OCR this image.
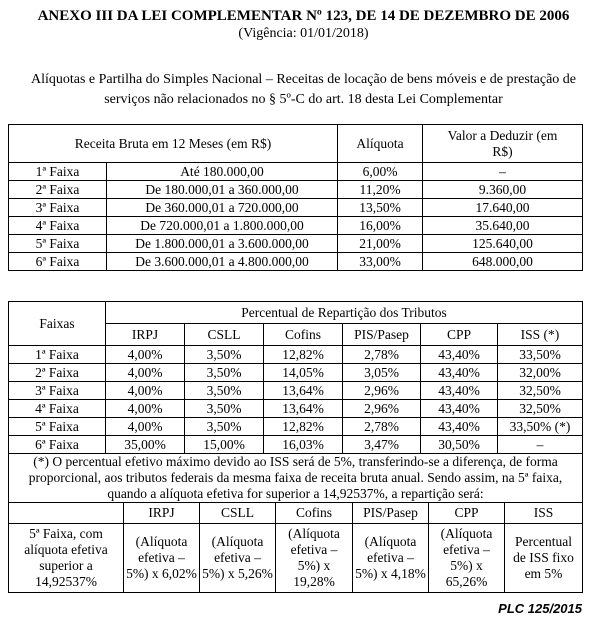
ANEXO III DA LEI COMPLEMENTAR Nº 123, DE 14 DE DEZEMBRO DE 2006
(Vigência: 01/01/2018)
Alíquotas e Partilha do Simples Nacional – Receitas de locação de bens móveis e de prestação de serviços não relacionados no § 5º-C do art. 18 desta Lei Complementar
Receita Bruta em 12 Meses (em R$)		Alíquota	Valor a Deduzir (em R$)
1ª Faixa	Até 180.000,00	6,00%	–
2ª Faixa	De 180.000,01 a 360.000,00	11,20%	9.360,00
3ª Faixa	De 360.000,01 a 720.000,00	13,50%	17.640,00
4ª Faixa	De 720.000,01 a 1.800.000,00	16,00%	35.640,00
5ª Faixa	De 1.800.000,01 a 3.600.000,00	21,00%	125.640,00
6ª Faixa	De 3.600.000,01 a 4.800.000,00	33,00%	648.000,00
Faixas	Percentual de Repartição dos Tributos					
	IRPJ	CSLL	Cofins	PIS/Pasep	CPP	ISS (*)
1ª Faixa	4,00%	3,50%	12,82%	2,78%	43,40%	33,50%
2ª Faixa	4,00%	3,50%	14,05%	3,05%	43,40%	32,00%
3ª Faixa	4,00%	3,50%	13,64%	2,96%	43,40%	32,50%
4ª Faixa	4,00%	3,50%	13,64%	2,96%	43,40%	32,50%
5ª Faixa	4,00%	3,50%	12,82%	2,78%	43,40%	33,50% (*)
6ª Faixa	35,00%	15,00%	16,03%	3,47%	30,50%	–
(*) O percentual efetivo máximo devido ao ISS será de 5%, transferindo-se a diferença, de forma proporcional, aos tributos federais da mesma faixa de receita bruta anual. Sendo assim, na 5ª faixa, quando a alíquota efetiva for superior a 14,92537%, a repartição será:						
	IRPJ	CSLL	Cofins	PIS/Pasep	CPP	ISS
5ª Faixa, com alíquota efetiva superior a 14,92537%	(Alíquota efetiva – 5%) x 6,02%	(Alíquota efetiva – 5%) x 5,26%	(Alíquota efetiva – 5%) x 19,28%	(Alíquota efetiva – 5%) x 4,18%	(Alíquota efetiva – 5%) x 65,26%	Percentual de ISS fixo em 5%
PLC 125/2015
